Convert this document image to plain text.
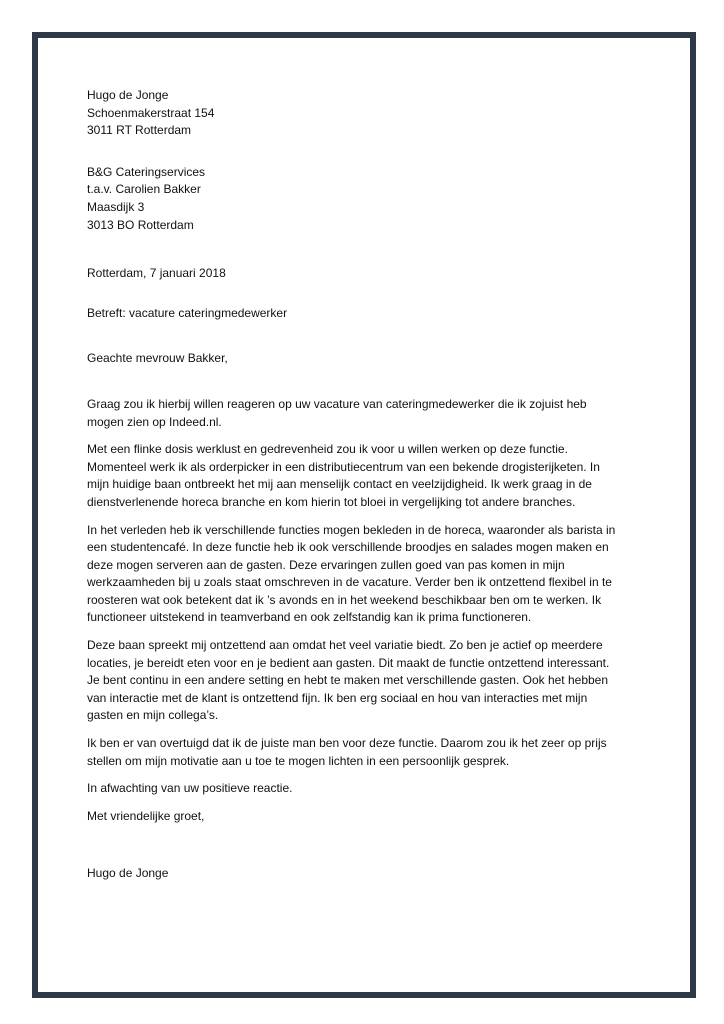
Hugo de Jonge
Schoenmakerstraat 154
3011 RT Rotterdam
B&G Cateringservices
t.a.v. Carolien Bakker
Maasdijk 3
3013 BO Rotterdam
Rotterdam, 7 januari 2018
Betreft: vacature cateringmedewerker
Geachte mevrouw Bakker,

Graag zou ik hierbij willen reageren op uw vacature van cateringmedewerker die ik zojuist heb
mogen zien op Indeed.nl.

Met een flinke dosis werklust en gedrevenheid zou ik voor u willen werken op deze functie.
Momenteel werk ik als orderpicker in een distributiecentrum van een bekende drogisterijketen. In
mijn huidige baan ontbreekt het mij aan menselijk contact en veelzijdigheid. Ik werk graag in de
dienstverlenende horeca branche en kom hierin tot bloei in vergelijking tot andere branches.

In het verleden heb ik verschillende functies mogen bekleden in de horeca, waaronder als barista in
een studentencafé. In deze functie heb ik ook verschillende broodjes en salades mogen maken en
deze mogen serveren aan de gasten. Deze ervaringen zullen goed van pas komen in mijn
werkzaamheden bij u zoals staat omschreven in de vacature. Verder ben ik ontzettend flexibel in te
roosteren wat ook betekent dat ik ’s avonds en in het weekend beschikbaar ben om te werken. Ik
functioneer uitstekend in teamverband en ook zelfstandig kan ik prima functioneren.

Deze baan spreekt mij ontzettend aan omdat het veel variatie biedt. Zo ben je actief op meerdere
locaties, je bereidt eten voor en je bedient aan gasten. Dit maakt de functie ontzettend interessant.
Je bent continu in een andere setting en hebt te maken met verschillende gasten. Ook het hebben
van interactie met de klant is ontzettend fijn. Ik ben erg sociaal en hou van interacties met mijn
gasten en mijn collega’s.

Ik ben er van overtuigd dat ik de juiste man ben voor deze functie. Daarom zou ik het zeer op prijs
stellen om mijn motivatie aan u toe te mogen lichten in een persoonlijk gesprek.

In afwachting van uw positieve reactie.

Met vriendelijke groet,
Hugo de Jonge
